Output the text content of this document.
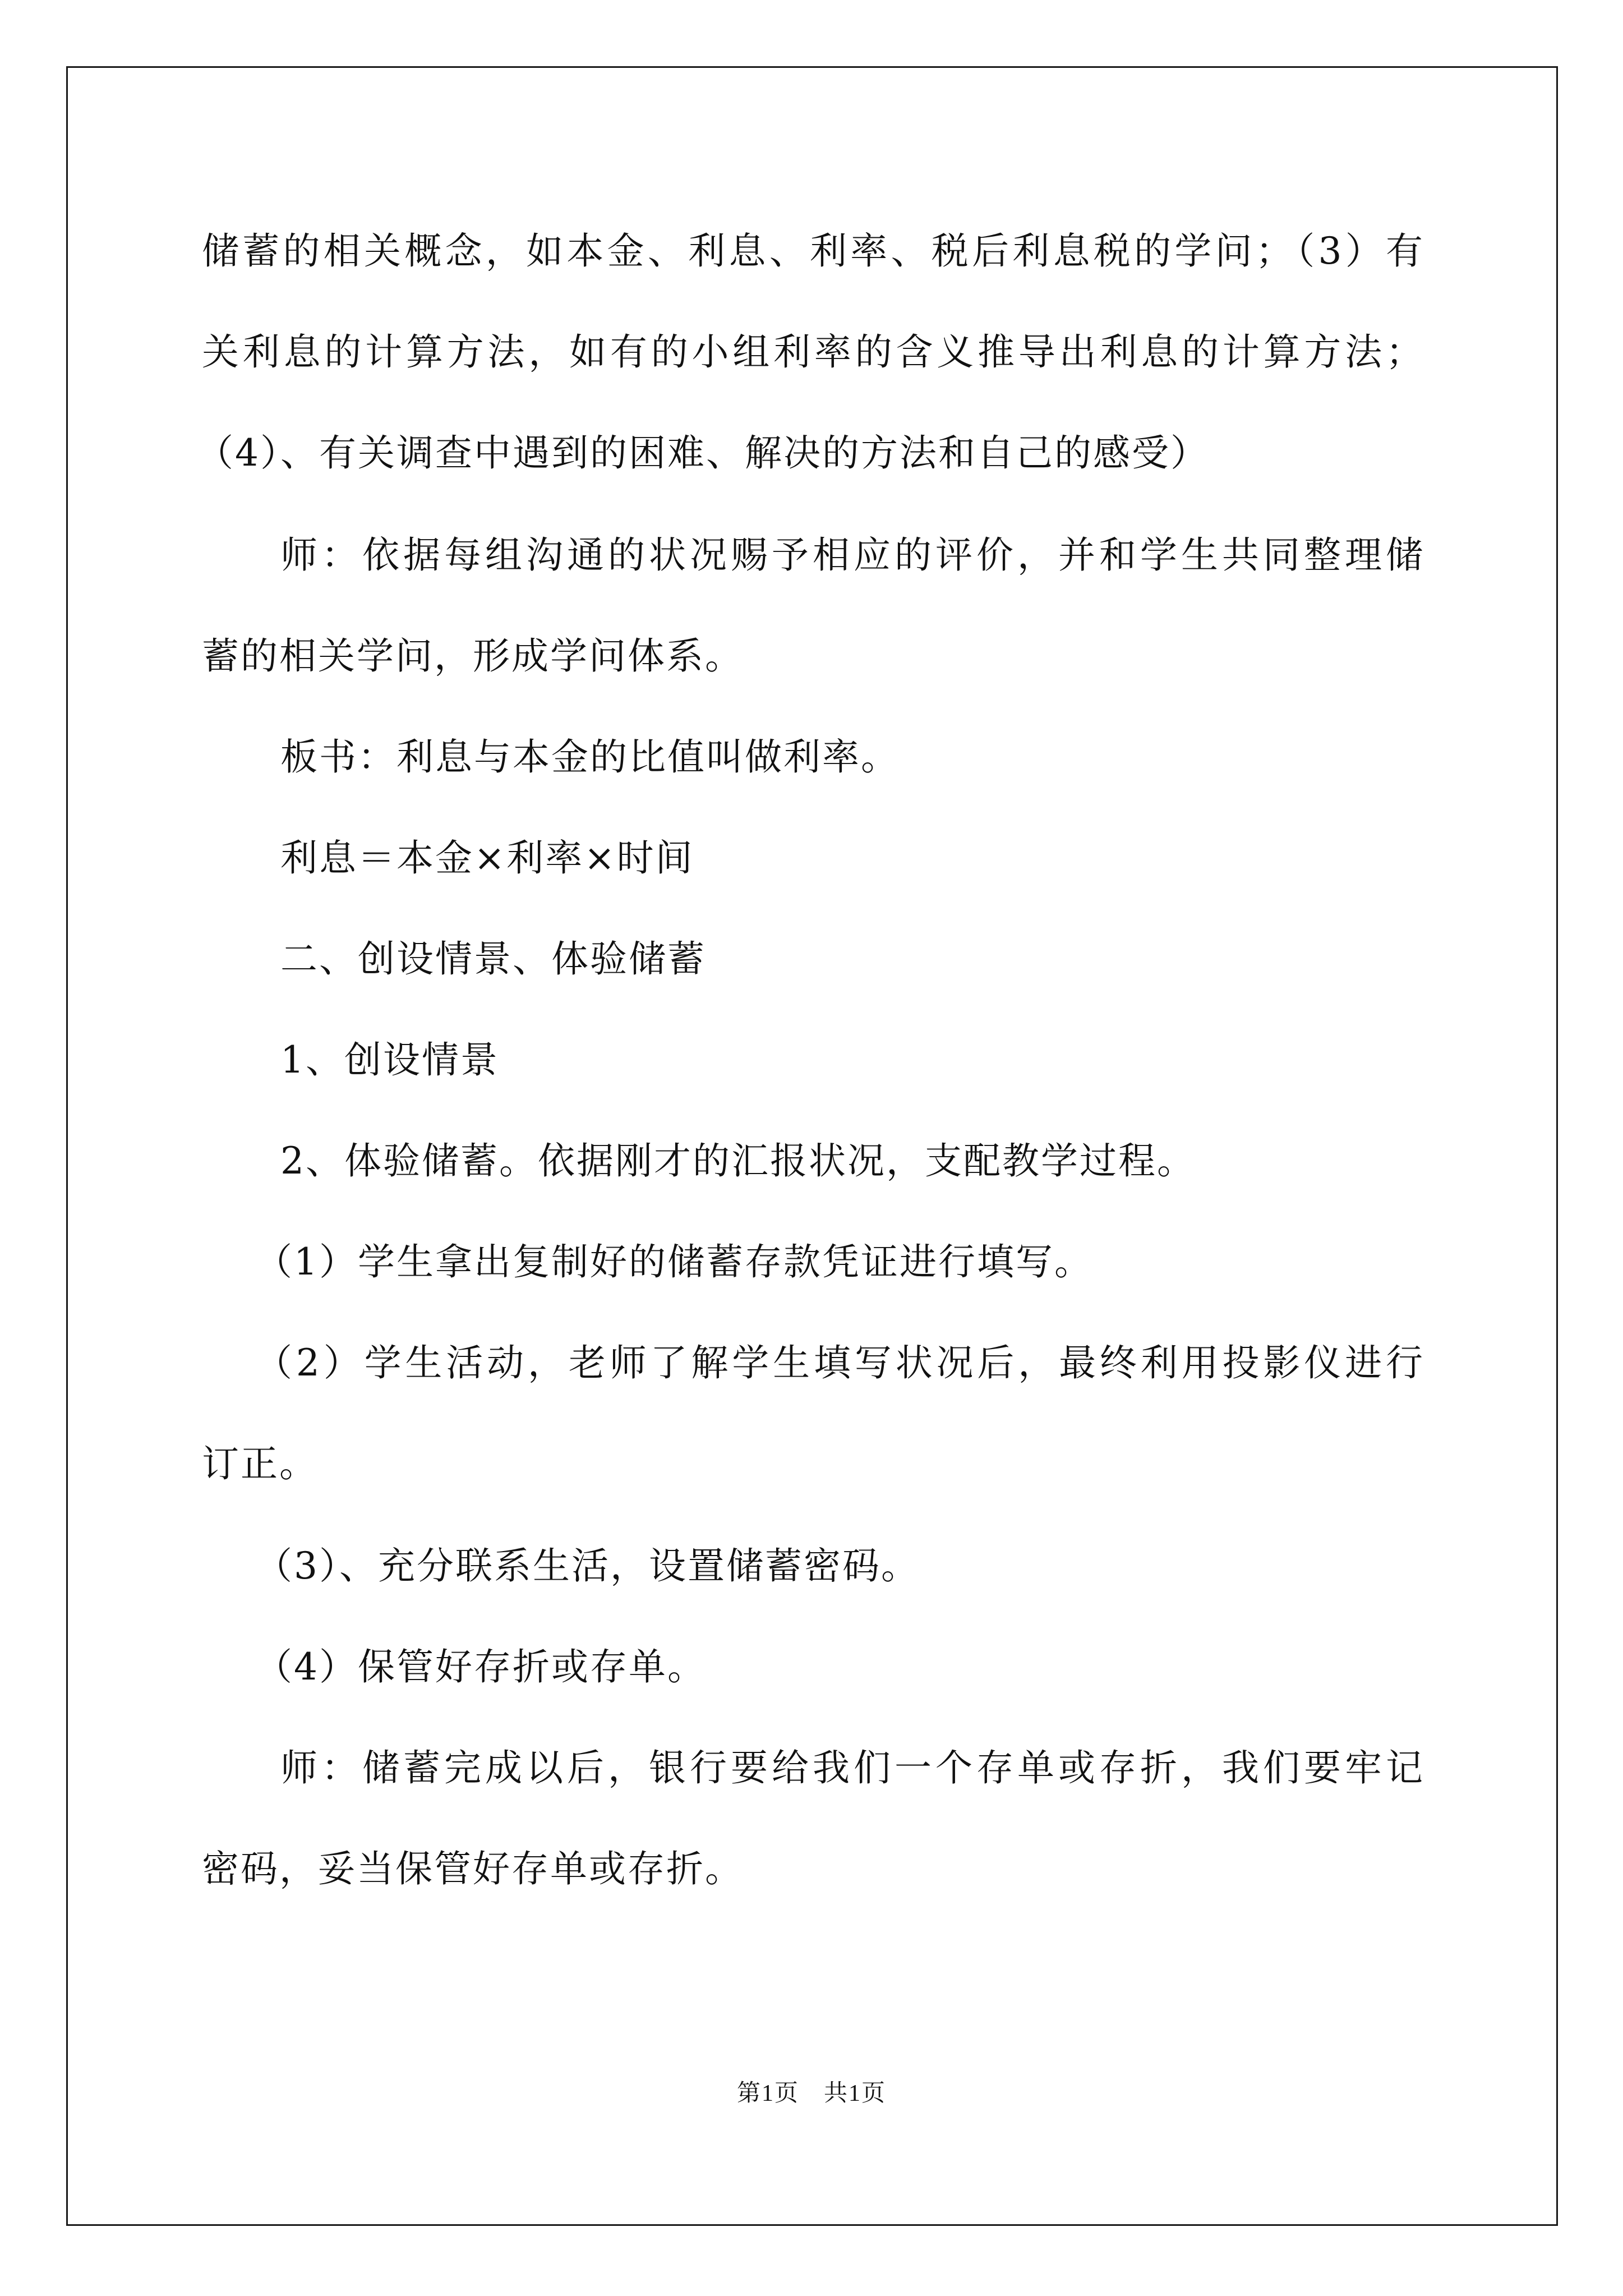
储蓄的相关概念，如本金、利息、利率、税后利息税的学问；（3）有
关利息的计算方法，如有的小组利率的含义推导出利息的计算方法；
（4）、有关调查中遇到的困难、解决的方法和自己的感受）
师：依据每组沟通的状况赐予相应的评价，并和学生共同整理储
蓄的相关学问，形成学问体系。
板书：利息与本金的比值叫做利率。
利息＝本金×利率×时间
二、创设情景、体验储蓄
1、创设情景
2、体验储蓄。依据刚才的汇报状况，支配教学过程。
（1）学生拿出复制好的储蓄存款凭证进行填写。
（2）学生活动，老师了解学生填写状况后，最终利用投影仪进行
订正。
（3）、充分联系生活，设置储蓄密码。
（4）保管好存折或存单。
师：储蓄完成以后，银行要给我们一个存单或存折，我们要牢记
密码，妥当保管好存单或存折。
第1页　共1页
